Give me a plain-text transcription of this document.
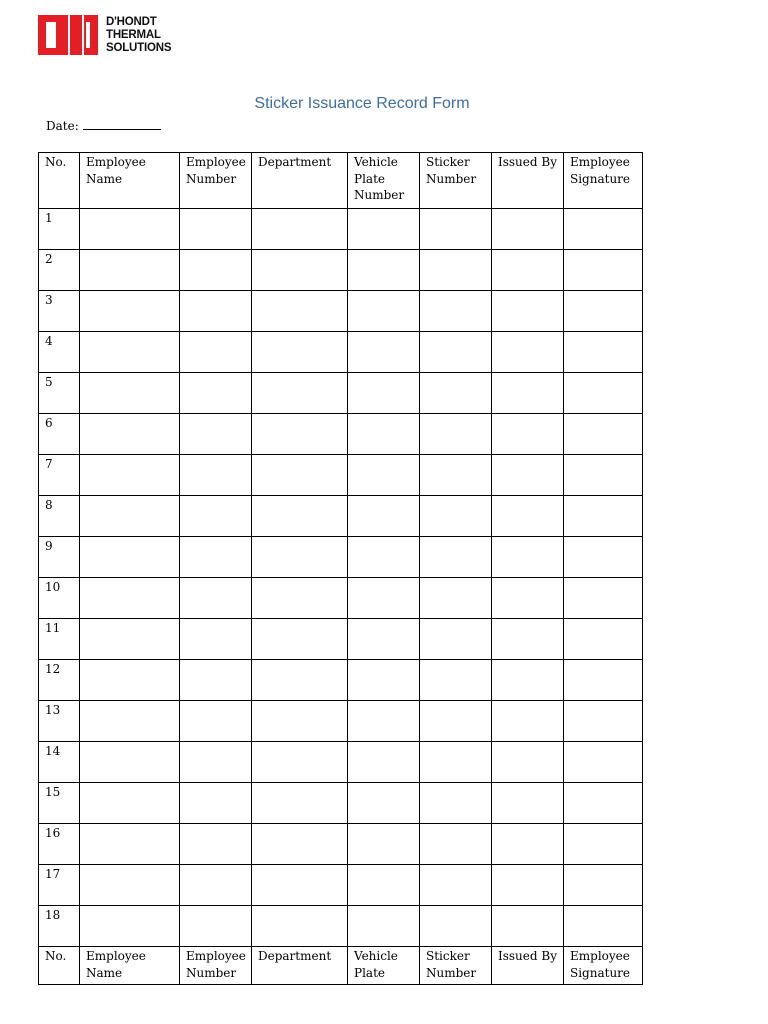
D'HONDT
THERMAL
SOLUTIONS
Sticker Issuance Record Form
Date:
No.	Employee Name	Employee Number	Department	Vehicle Plate Number	Sticker Number	Issued By	Employee Signature
1							
2							
3							
4							
5							
6							
7							
8							
9							
10							
11							
12							
13							
14							
15							
16							
17							
18							
No.	Employee Name	Employee Number	Department	Vehicle Plate	Sticker Number	Issued By	Employee Signature
